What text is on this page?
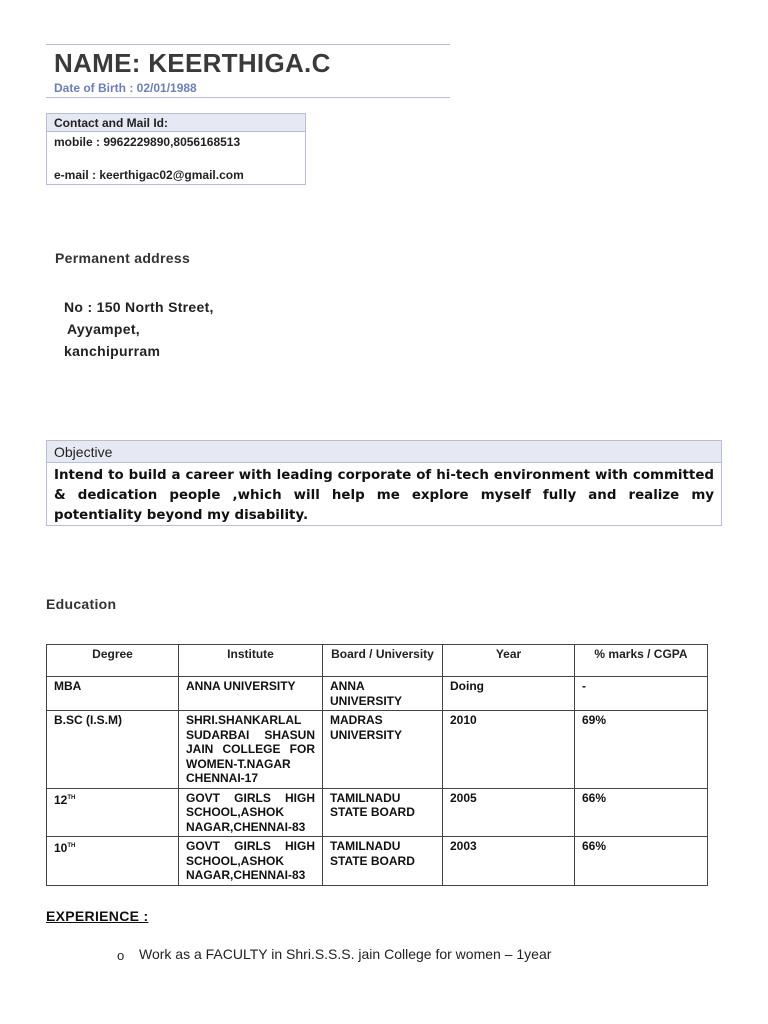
NAME: KEERTHIGA.C
Date of Birth : 02/01/1988
Contact and Mail Id:
mobile : 9962229890,8056168513
e-mail : keerthigac02@gmail.com
Permanent address
No : 150 North Street,
Ayyampet,
kanchipurram
Objective
Intend to build a career with leading corporate of hi-tech environment with committed & dedication people ,which will help me explore myself fully and realize my potentiality beyond my disability.
Education
Degree	Institute	Board / University	Year	% marks / CGPA
MBA	ANNA UNIVERSITY	ANNA UNIVERSITY	Doing	-
B.SC (I.S.M)	SHRI.SHANKARLAL SUDARBAI SHASUN JAIN COLLEGE FOR WOMEN-T.NAGAR CHENNAI-17	MADRAS UNIVERSITY	2010	69%
12TH	GOVT GIRLS HIGH SCHOOL,ASHOK NAGAR,CHENNAI-83	TAMILNADU STATE BOARD	2005	66%
10TH	GOVT GIRLS HIGH SCHOOL,ASHOK NAGAR,CHENNAI-83	TAMILNADU STATE BOARD	2003	66%
EXPERIENCE :
o Work as a FACULTY in Shri.S.S.S. jain College for women – 1year
